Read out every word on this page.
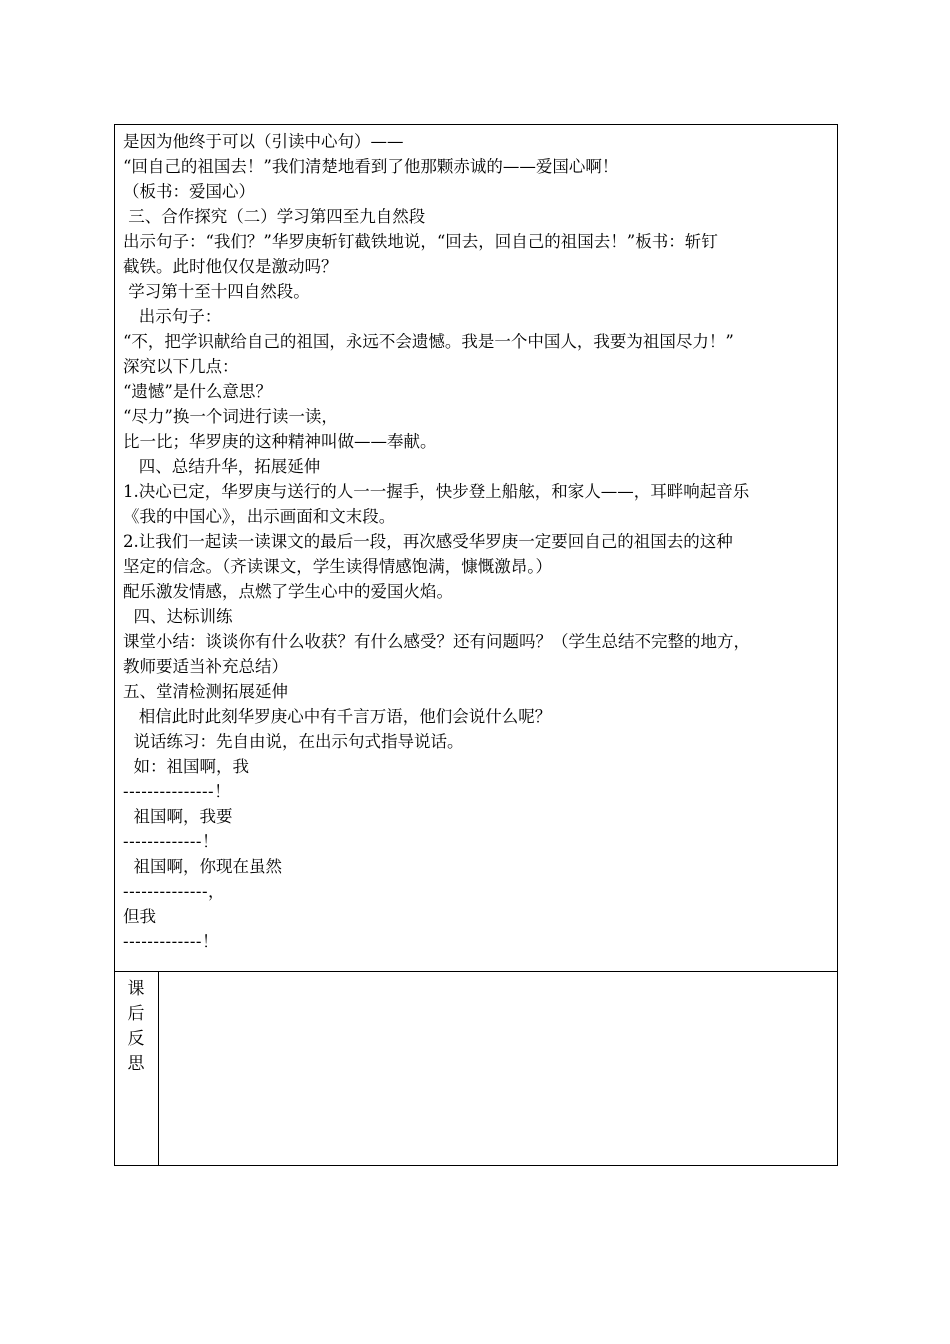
是因为他终于可以（引读中心句）——
“回自己的祖国去！”我们清楚地看到了他那颗赤诚的——爱国心啊！
（板书：爱国心）
三、合作探究（二）学习第四至九自然段
出示句子：“我们？”华罗庚斩钉截铁地说，“回去，回自己的祖国去！”板书：斩钉
截铁。此时他仅仅是激动吗？
学习第十至十四自然段。
出示句子：
“不，把学识献给自己的祖国，永远不会遗憾。我是一个中国人，我要为祖国尽力！”
深究以下几点：
“遗憾”是什么意思？
“尽力”换一个词进行读一读，
比一比；华罗庚的这种精神叫做——奉献。
四、总结升华，拓展延伸
1.决心已定，华罗庚与送行的人一一握手，快步登上船舷，和家人——，耳畔响起音乐
《我的中国心》，出示画面和文末段。
2.让我们一起读一读课文的最后一段，再次感受华罗庚一定要回自己的祖国去的这种
坚定的信念。（齐读课文，学生读得情感饱满，慷慨激昂。）
配乐激发情感，点燃了学生心中的爱国火焰。
四、达标训练
课堂小结：谈谈你有什么收获？有什么感受？还有问题吗？（学生总结不完整的地方，
教师要适当补充总结）
五、堂清检测拓展延伸
相信此时此刻华罗庚心中有千言万语，他们会说什么呢？
说话练习：先自由说，在出示句式指导说话。
如：祖国啊，我
---------------！
祖国啊，我要
-------------！
祖国啊，你现在虽然
--------------，
但我
-------------！
课
后
反
思
